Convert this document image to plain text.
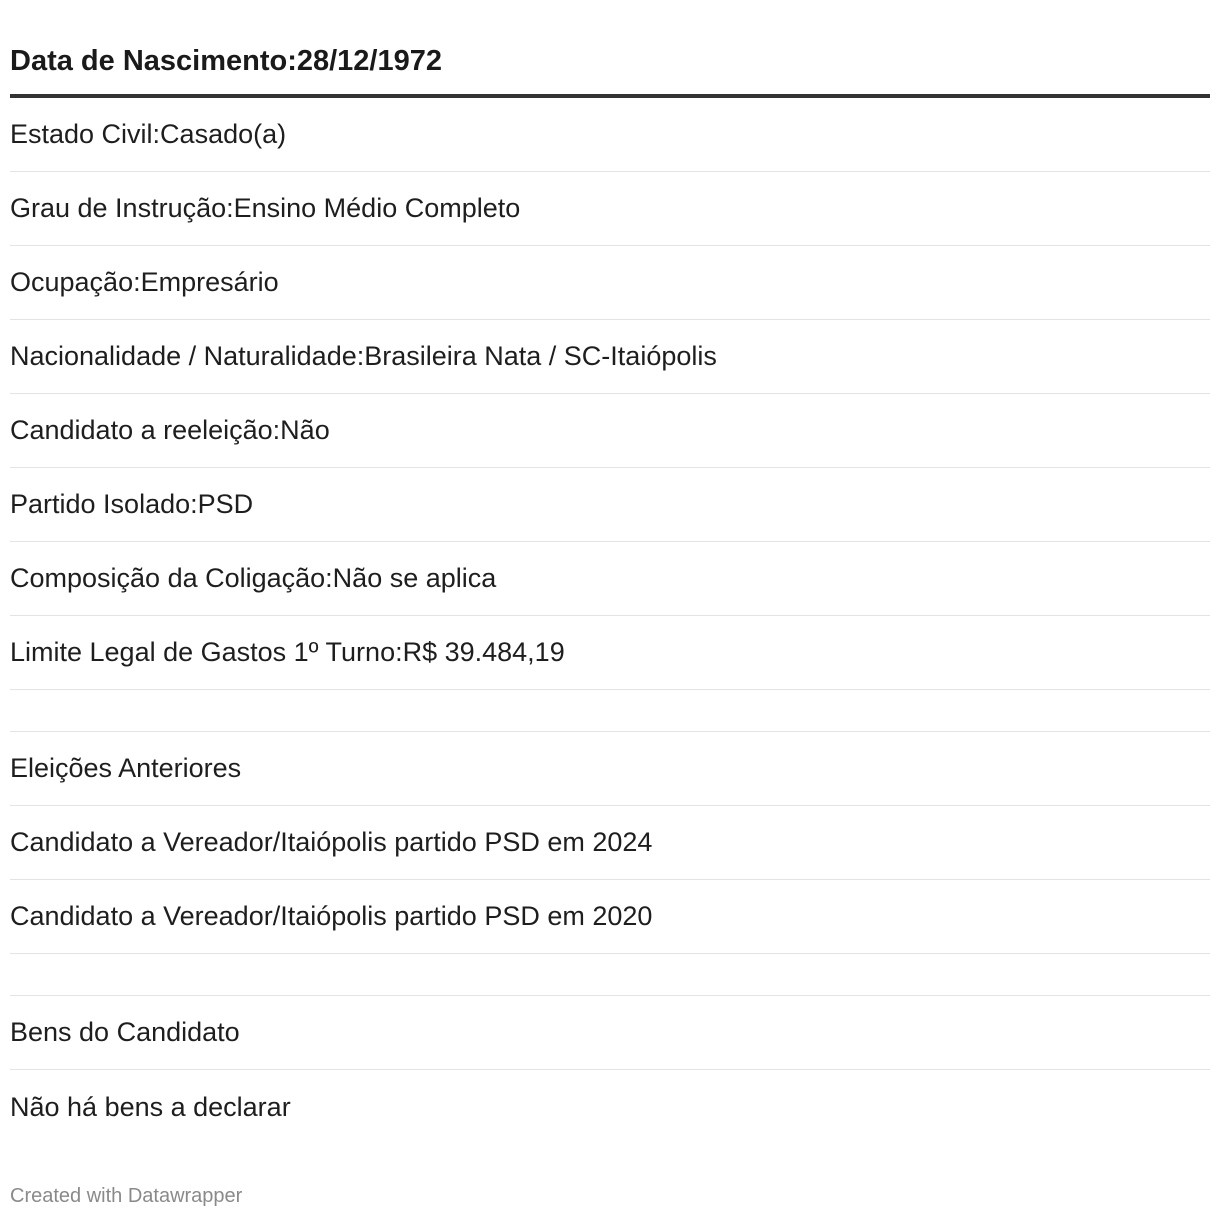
Data de Nascimento:28/12/1972
Estado Civil:Casado(a)
Grau de Instrução:Ensino Médio Completo
Ocupação:Empresário
Nacionalidade / Naturalidade:Brasileira Nata / SC-Itaiópolis
Candidato a reeleição:Não
Partido Isolado:PSD
Composição da Coligação:Não se aplica
Limite Legal de Gastos 1º Turno:R$ 39.484,19
Eleições Anteriores
Candidato a Vereador/Itaiópolis partido PSD em 2024
Candidato a Vereador/Itaiópolis partido PSD em 2020
Bens do Candidato
Não há bens a declarar
Created with Datawrapper
